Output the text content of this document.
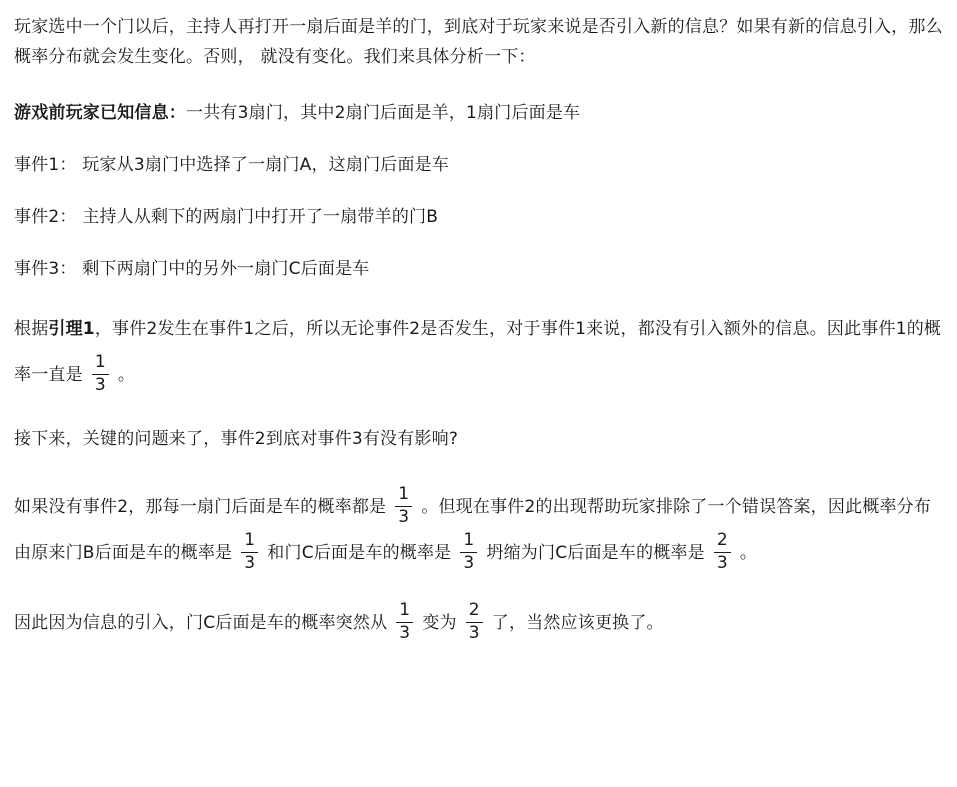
玩家选中一个门以后，主持人再打开一扇后面是羊的门，到底对于玩家来说是否引入新的信息？如果有新的信息引入，那么概率分布就会发生变化。否则， 就没有变化。我们来具体分析一下：

游戏前玩家已知信息：一共有3扇门，其中2扇门后面是羊，1扇门后面是车

事件1： 玩家从3扇门中选择了一扇门A，这扇门后面是车

事件2： 主持人从剩下的两扇门中打开了一扇带羊的门B

事件3： 剩下两扇门中的另外一扇门C后面是车

根据引理1，事件2发生在事件1之后，所以无论事件2是否发生，对于事件1来说，都没有引入额外的信息。因此事件1的概率一直是 $\frac{1}{3}$ 。

接下来，关键的问题来了，事件2到底对事件3有没有影响?

如果没有事件2，那每一扇门后面是车的概率都是 $\frac{1}{3}$ 。但现在事件2的出现帮助玩家排除了一个错误答案，因此概率分布由原来门B后面是车的概率是 $\frac{1}{3}$ 和门C后面是车的概率是 $\frac{1}{3}$ 坍缩为门C后面是车的概率是 $\frac{2}{3}$ 。

因此因为信息的引入，门C后面是车的概率突然从 $\frac{1}{3}$ 变为 $\frac{2}{3}$ 了，当然应该更换了。
